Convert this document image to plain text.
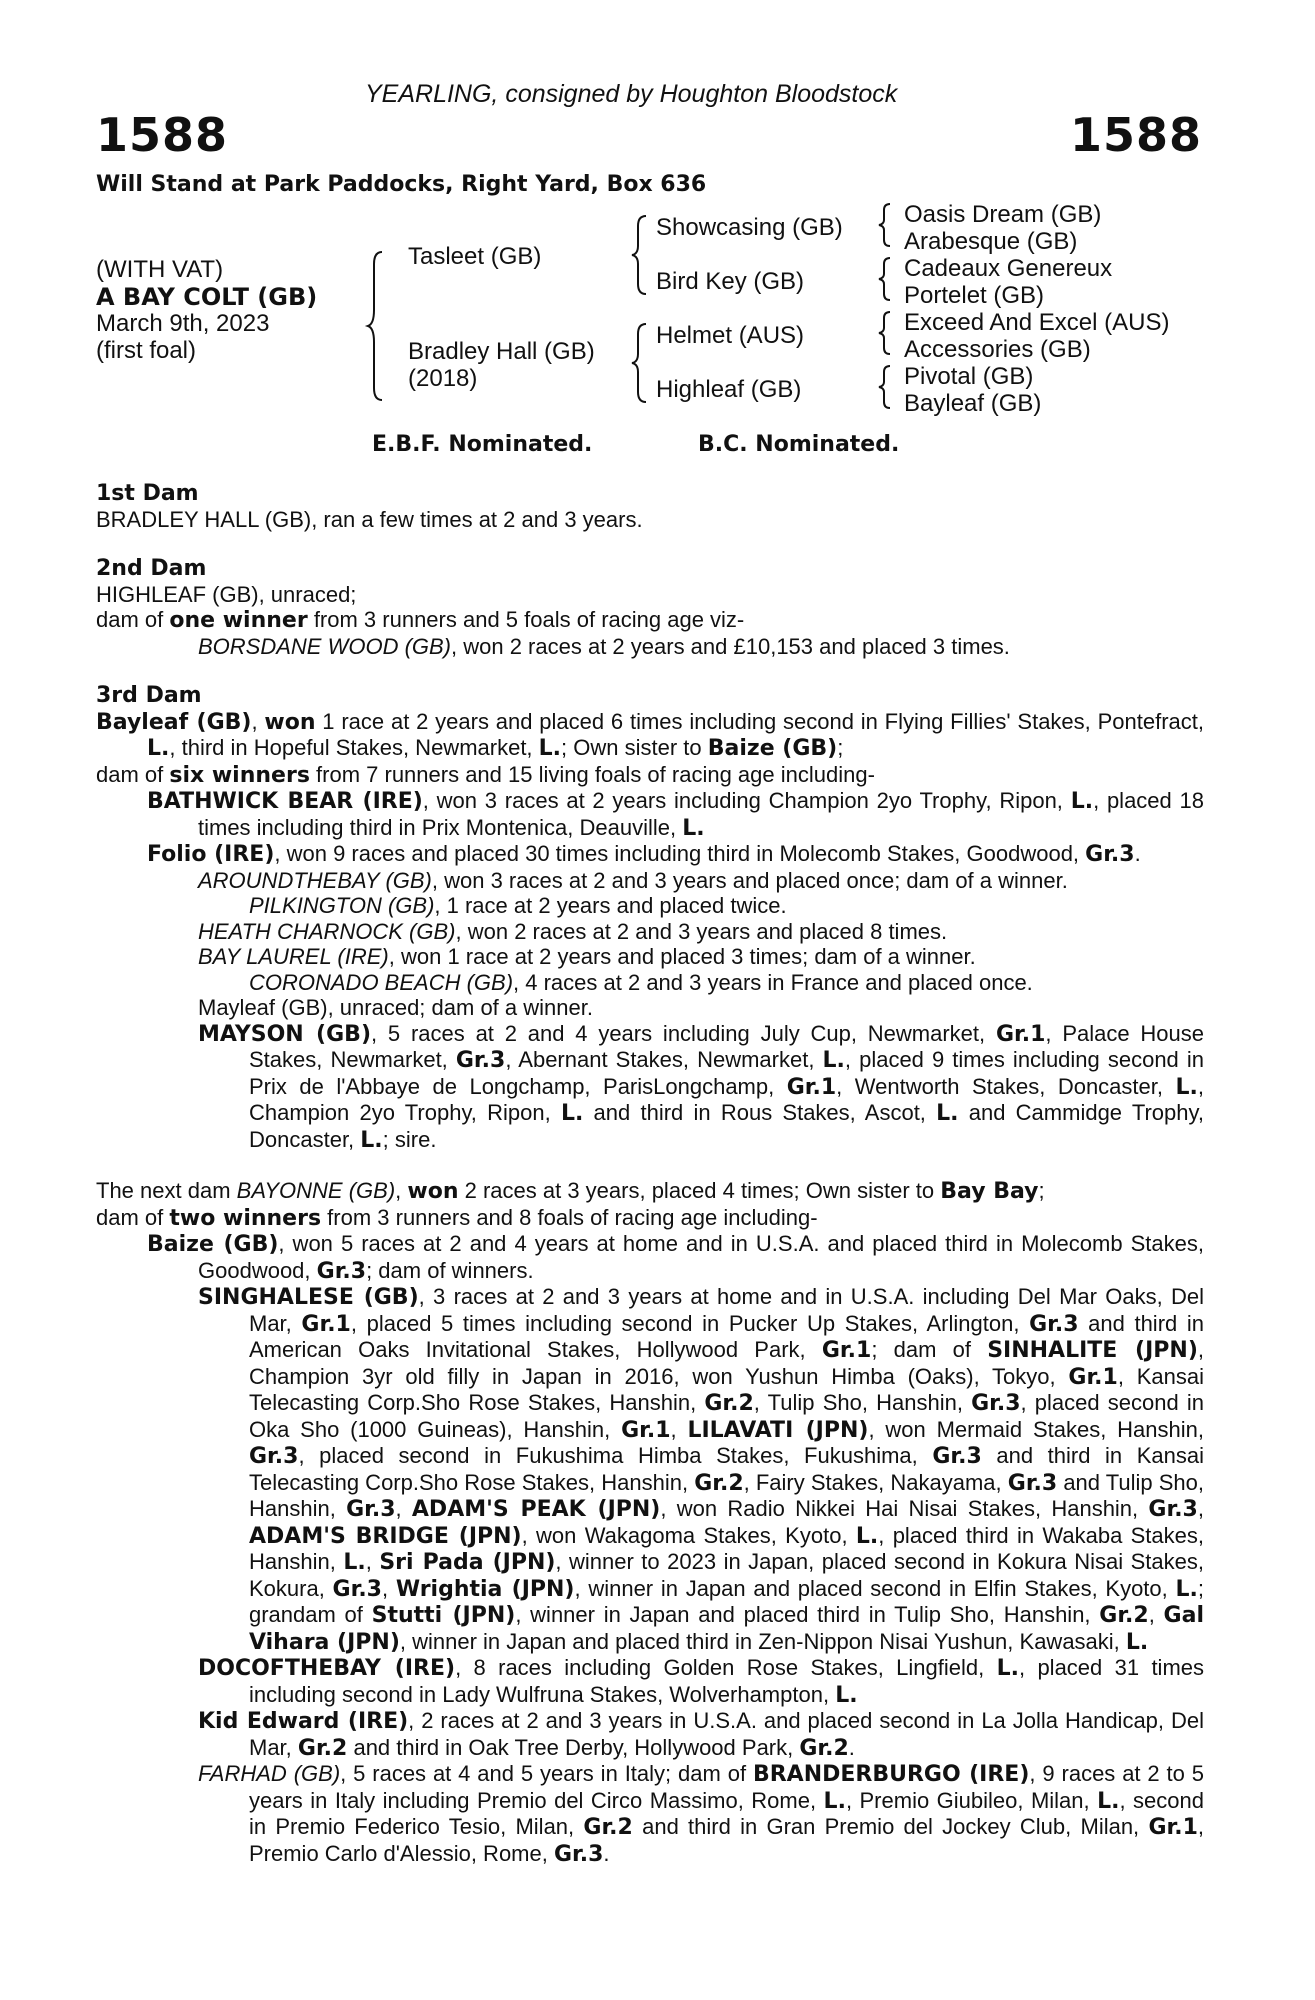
YEARLING, consigned by Houghton Bloodstock
1588	1588
Will Stand at Park Paddocks, Right Yard, Box 636
(WITH VAT)
A BAY COLT (GB)
March 9th, 2023
(first foal)
Tasleet (GB)
Bradley Hall (GB)
(2018)
Showcasing (GB)
Bird Key (GB)
Helmet (AUS)
Highleaf (GB)
Oasis Dream (GB)
Arabesque (GB)
Cadeaux Genereux
Portelet (GB)
Exceed And Excel (AUS)
Accessories (GB)
Pivotal (GB)
Bayleaf (GB)
E.B.F. Nominated.	B.C. Nominated.

1st Dam

BRADLEY HALL (GB), ran a few times at 2 and 3 years.

2nd Dam

HIGHLEAF (GB), unraced;

dam of one winner from 3 runners and 5 foals of racing age viz-

BORSDANE WOOD (GB), won 2 races at 2 years and £10,153 and placed 3 times.

3rd Dam

Bayleaf (GB), won 1 race at 2 years and placed 6 times including second in Flying Fillies' Stakes, Pontefract, L., third in Hopeful Stakes, Newmarket, L.; Own sister to Baize (GB);

dam of six winners from 7 runners and 15 living foals of racing age including-

BATHWICK BEAR (IRE), won 3 races at 2 years including Champion 2yo Trophy, Ripon, L., placed 18 times including third in Prix Montenica, Deauville, L.

Folio (IRE), won 9 races and placed 30 times including third in Molecomb Stakes, Goodwood, Gr.3.

AROUNDTHEBAY (GB), won 3 races at 2 and 3 years and placed once; dam of a winner.

PILKINGTON (GB), 1 race at 2 years and placed twice.

HEATH CHARNOCK (GB), won 2 races at 2 and 3 years and placed 8 times.

BAY LAUREL (IRE), won 1 race at 2 years and placed 3 times; dam of a winner.

CORONADO BEACH (GB), 4 races at 2 and 3 years in France and placed once.

Mayleaf (GB), unraced; dam of a winner.

MAYSON (GB), 5 races at 2 and 4 years including July Cup, Newmarket, Gr.1, Palace House Stakes, Newmarket, Gr.3, Abernant Stakes, Newmarket, L., placed 9 times including second in Prix de l'Abbaye de Longchamp, ParisLongchamp, Gr.1, Wentworth Stakes, Doncaster, L., Champion 2yo Trophy, Ripon, L. and third in Rous Stakes, Ascot, L. and Cammidge Trophy, Doncaster, L.; sire.

The next dam BAYONNE (GB), won 2 races at 3 years, placed 4 times; Own sister to Bay Bay;

dam of two winners from 3 runners and 8 foals of racing age including-

Baize (GB), won 5 races at 2 and 4 years at home and in U.S.A. and placed third in Molecomb Stakes, Goodwood, Gr.3; dam of winners.

SINGHALESE (GB), 3 races at 2 and 3 years at home and in U.S.A. including Del Mar Oaks, Del Mar, Gr.1, placed 5 times including second in Pucker Up Stakes, Arlington, Gr.3 and third in American Oaks Invitational Stakes, Hollywood Park, Gr.1; dam of SINHALITE (JPN), Champion 3yr old filly in Japan in 2016, won Yushun Himba (Oaks), Tokyo, Gr.1, Kansai Telecasting Corp.Sho Rose Stakes, Hanshin, Gr.2, Tulip Sho, Hanshin, Gr.3, placed second in Oka Sho (1000 Guineas), Hanshin, Gr.1, LILAVATI (JPN), won Mermaid Stakes, Hanshin, Gr.3, placed second in Fukushima Himba Stakes, Fukushima, Gr.3 and third in Kansai Telecasting Corp.Sho Rose Stakes, Hanshin, Gr.2, Fairy Stakes, Nakayama, Gr.3 and Tulip Sho, Hanshin, Gr.3, ADAM'S PEAK (JPN), won Radio Nikkei Hai Nisai Stakes, Hanshin, Gr.3, ADAM'S BRIDGE (JPN), won Wakagoma Stakes, Kyoto, L., placed third in Wakaba Stakes, Hanshin, L., Sri Pada (JPN), winner to 2023 in Japan, placed second in Kokura Nisai Stakes, Kokura, Gr.3, Wrightia (JPN), winner in Japan and placed second in Elfin Stakes, Kyoto, L.; grandam of Stutti (JPN), winner in Japan and placed third in Tulip Sho, Hanshin, Gr.2, Gal Vihara (JPN), winner in Japan and placed third in Zen-Nippon Nisai Yushun, Kawasaki, L.

DOCOFTHEBAY (IRE), 8 races including Golden Rose Stakes, Lingfield, L., placed 31 times including second in Lady Wulfruna Stakes, Wolverhampton, L.

Kid Edward (IRE), 2 races at 2 and 3 years in U.S.A. and placed second in La Jolla Handicap, Del Mar, Gr.2 and third in Oak Tree Derby, Hollywood Park, Gr.2.

FARHAD (GB), 5 races at 4 and 5 years in Italy; dam of BRANDERBURGO (IRE), 9 races at 2 to 5 years in Italy including Premio del Circo Massimo, Rome, L., Premio Giubileo, Milan, L., second in Premio Federico Tesio, Milan, Gr.2 and third in Gran Premio del Jockey Club, Milan, Gr.1, Premio Carlo d'Alessio, Rome, Gr.3.
